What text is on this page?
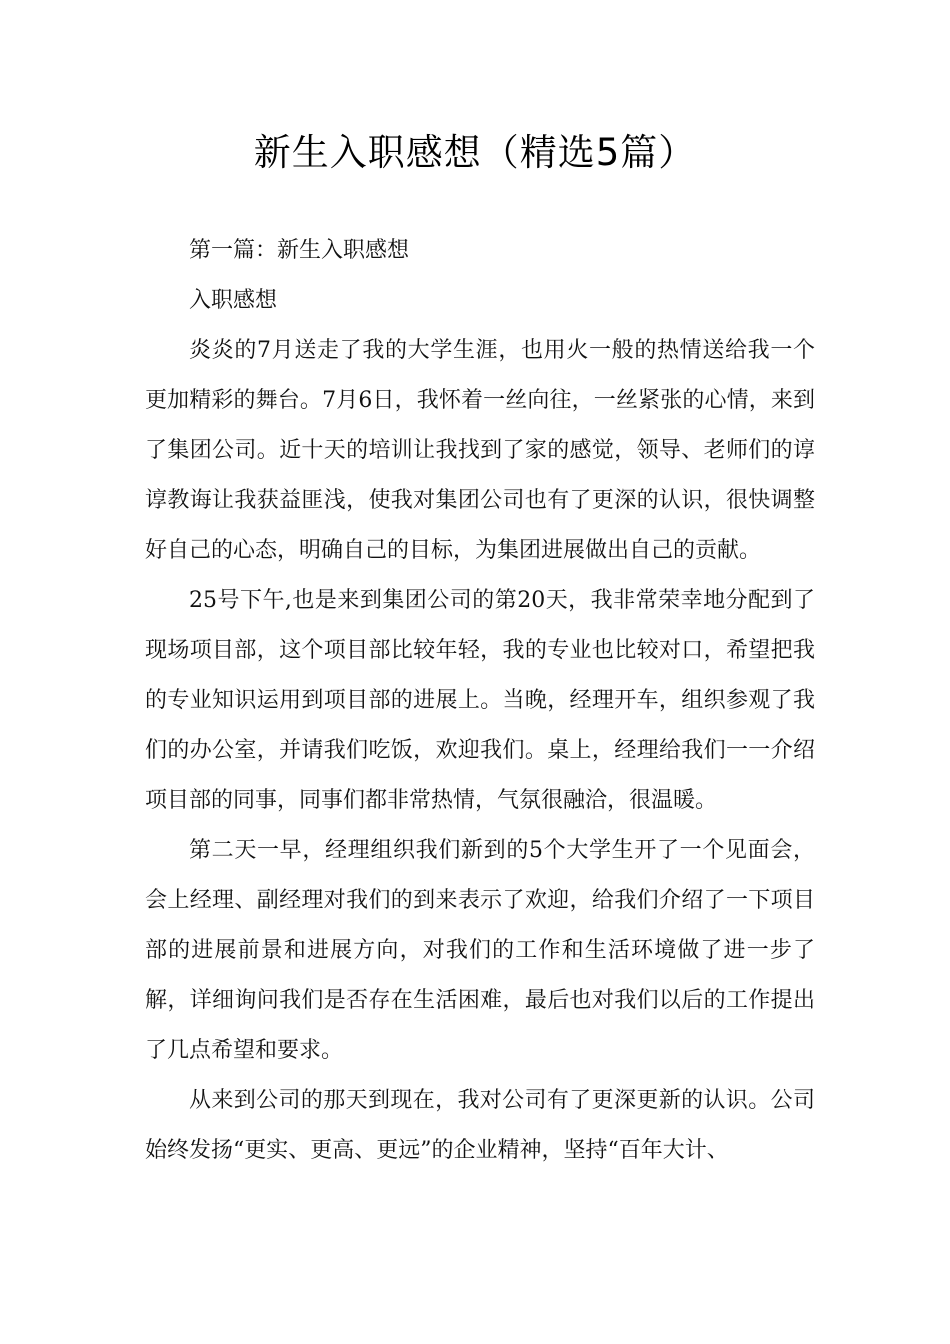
新生入职感想（精选5篇）

第一篇：新生入职感想

入职感想

炎炎的7月送走了我的大学生涯，也用火一般的热情送给我一个更加精彩的舞台。7月6日，我怀着一丝向往，一丝紧张的心情，来到了集团公司。近十天的培训让我找到了家的感觉，领导、老师们的谆谆教诲让我获益匪浅，使我对集团公司也有了更深的认识，很快调整好自己的心态，明确自己的目标，为集团进展做出自己的贡献。

25号下午,也是来到集团公司的第20天，我非常荣幸地分配到了现场项目部，这个项目部比较年轻，我的专业也比较对口，希望把我的专业知识运用到项目部的进展上。当晚，经理开车，组织参观了我们的办公室，并请我们吃饭，欢迎我们。桌上，经理给我们一一介绍项目部的同事，同事们都非常热情，气氛很融洽，很温暖。

第二天一早，经理组织我们新到的5个大学生开了一个见面会，会上经理、副经理对我们的到来表示了欢迎，给我们介绍了一下项目部的进展前景和进展方向，对我们的工作和生活环境做了进一步了解，详细询问我们是否存在生活困难，最后也对我们以后的工作提出了几点希望和要求。

从来到公司的那天到现在，我对公司有了更深更新的认识。公司始终发扬“更实、更高、更远”的企业精神，坚持“百年大计、
